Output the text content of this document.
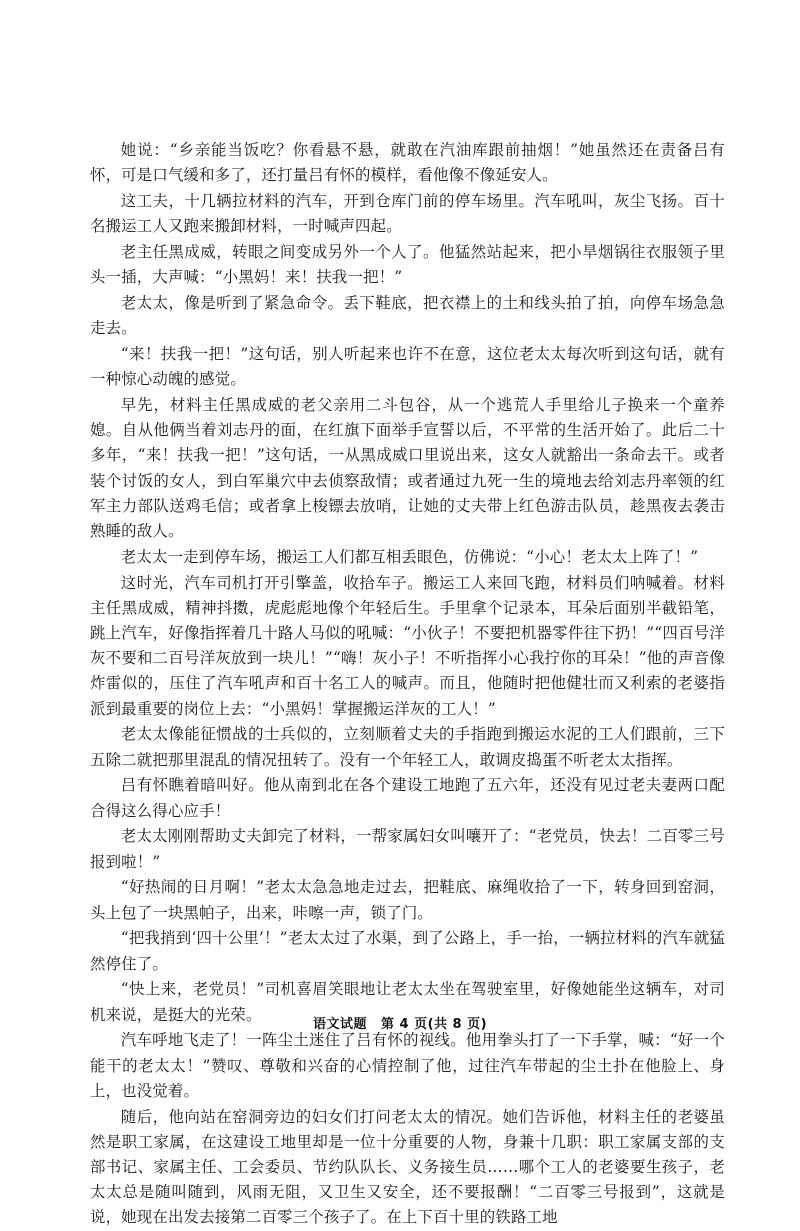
她说：“乡亲能当饭吃？你看悬不悬，就敢在汽油库跟前抽烟！”她虽然还在责备吕有怀，可是口气缓和多了，还打量吕有怀的模样，看他像不像延安人。

这工夫，十几辆拉材料的汽车，开到仓库门前的停车场里。汽车吼叫，灰尘飞扬。百十名搬运工人又跑来搬卸材料，一时喊声四起。

老主任黑成威，转眼之间变成另外一个人了。他猛然站起来，把小旱烟锅往衣服领子里头一插，大声喊：“小黑妈！来！扶我一把！”

老太太，像是听到了紧急命令。丢下鞋底，把衣襟上的土和线头拍了拍，向停车场急急走去。

“来！扶我一把！”这句话，别人听起来也许不在意，这位老太太每次听到这句话，就有一种惊心动魄的感觉。

早先，材料主任黑成威的老父亲用二斗包谷，从一个逃荒人手里给儿子换来一个童养媳。自从他俩当着刘志丹的面，在红旗下面举手宣誓以后，不平常的生活开始了。此后二十多年，“来！扶我一把！”这句话，一从黑成威口里说出来，这女人就豁出一条命去干。或者装个讨饭的女人，到白军巢穴中去侦察敌情；或者通过九死一生的境地去给刘志丹率领的红军主力部队送鸡毛信；或者拿上梭镖去放哨，让她的丈夫带上红色游击队员，趁黑夜去袭击熟睡的敌人。

老太太一走到停车场，搬运工人们都互相丢眼色，仿佛说：“小心！老太太上阵了！”

这时光，汽车司机打开引擎盖，收拾车子。搬运工人来回飞跑，材料员们呐喊着。材料主任黑成威，精神抖擞，虎彪彪地像个年轻后生。手里拿个记录本，耳朵后面别半截铅笔，跳上汽车，好像指挥着几十路人马似的吼喊：“小伙子！不要把机器零件往下扔！”“四百号洋灰不要和二百号洋灰放到一块儿！”“嗨！灰小子！不听指挥小心我拧你的耳朵！”他的声音像炸雷似的，压住了汽车吼声和百十名工人的喊声。而且，他随时把他健壮而又利索的老婆指派到最重要的岗位上去：“小黑妈！掌握搬运洋灰的工人！”

老太太像能征惯战的士兵似的，立刻顺着丈夫的手指跑到搬运水泥的工人们跟前，三下五除二就把那里混乱的情况扭转了。没有一个年轻工人，敢调皮捣蛋不听老太太指挥。

吕有怀瞧着暗叫好。他从南到北在各个建设工地跑了五六年，还没有见过老夫妻两口配合得这么得心应手！

老太太刚刚帮助丈夫卸完了材料，一帮家属妇女叫嚷开了：“老党员，快去！二百零三号报到啦！”

“好热闹的日月啊！”老太太急急地走过去，把鞋底、麻绳收拾了一下，转身回到窑洞，头上包了一块黑帕子，出来，咔嚓一声，锁了门。

“把我捎到‘四十公里’！”老太太过了水渠，到了公路上，手一抬，一辆拉材料的汽车就猛然停住了。

“快上来，老党员！”司机喜眉笑眼地让老太太坐在驾驶室里，好像她能坐这辆车，对司机来说，是挺大的光荣。

汽车呼地飞走了！一阵尘土迷住了吕有怀的视线。他用拳头打了一下手掌，喊：“好一个能干的老太太！”赞叹、尊敬和兴奋的心情控制了他，过往汽车带起的尘土扑在他脸上、身上，也没觉着。

随后，他向站在窑洞旁边的妇女们打问老太太的情况。她们告诉他，材料主任的老婆虽然是职工家属，在这建设工地里却是一位十分重要的人物，身兼十几职：职工家属支部的支部书记、家属主任、工会委员、节约队队长、义务接生员……哪个工人的老婆要生孩子，老太太总是随叫随到，风雨无阻，又卫生又安全，还不要报酬！“二百零三号报到”，这就是说，她现在出发去接第二百零三个孩子了。在上下百十里的铁路工地

语文试题 第 4 页(共 8 页)
